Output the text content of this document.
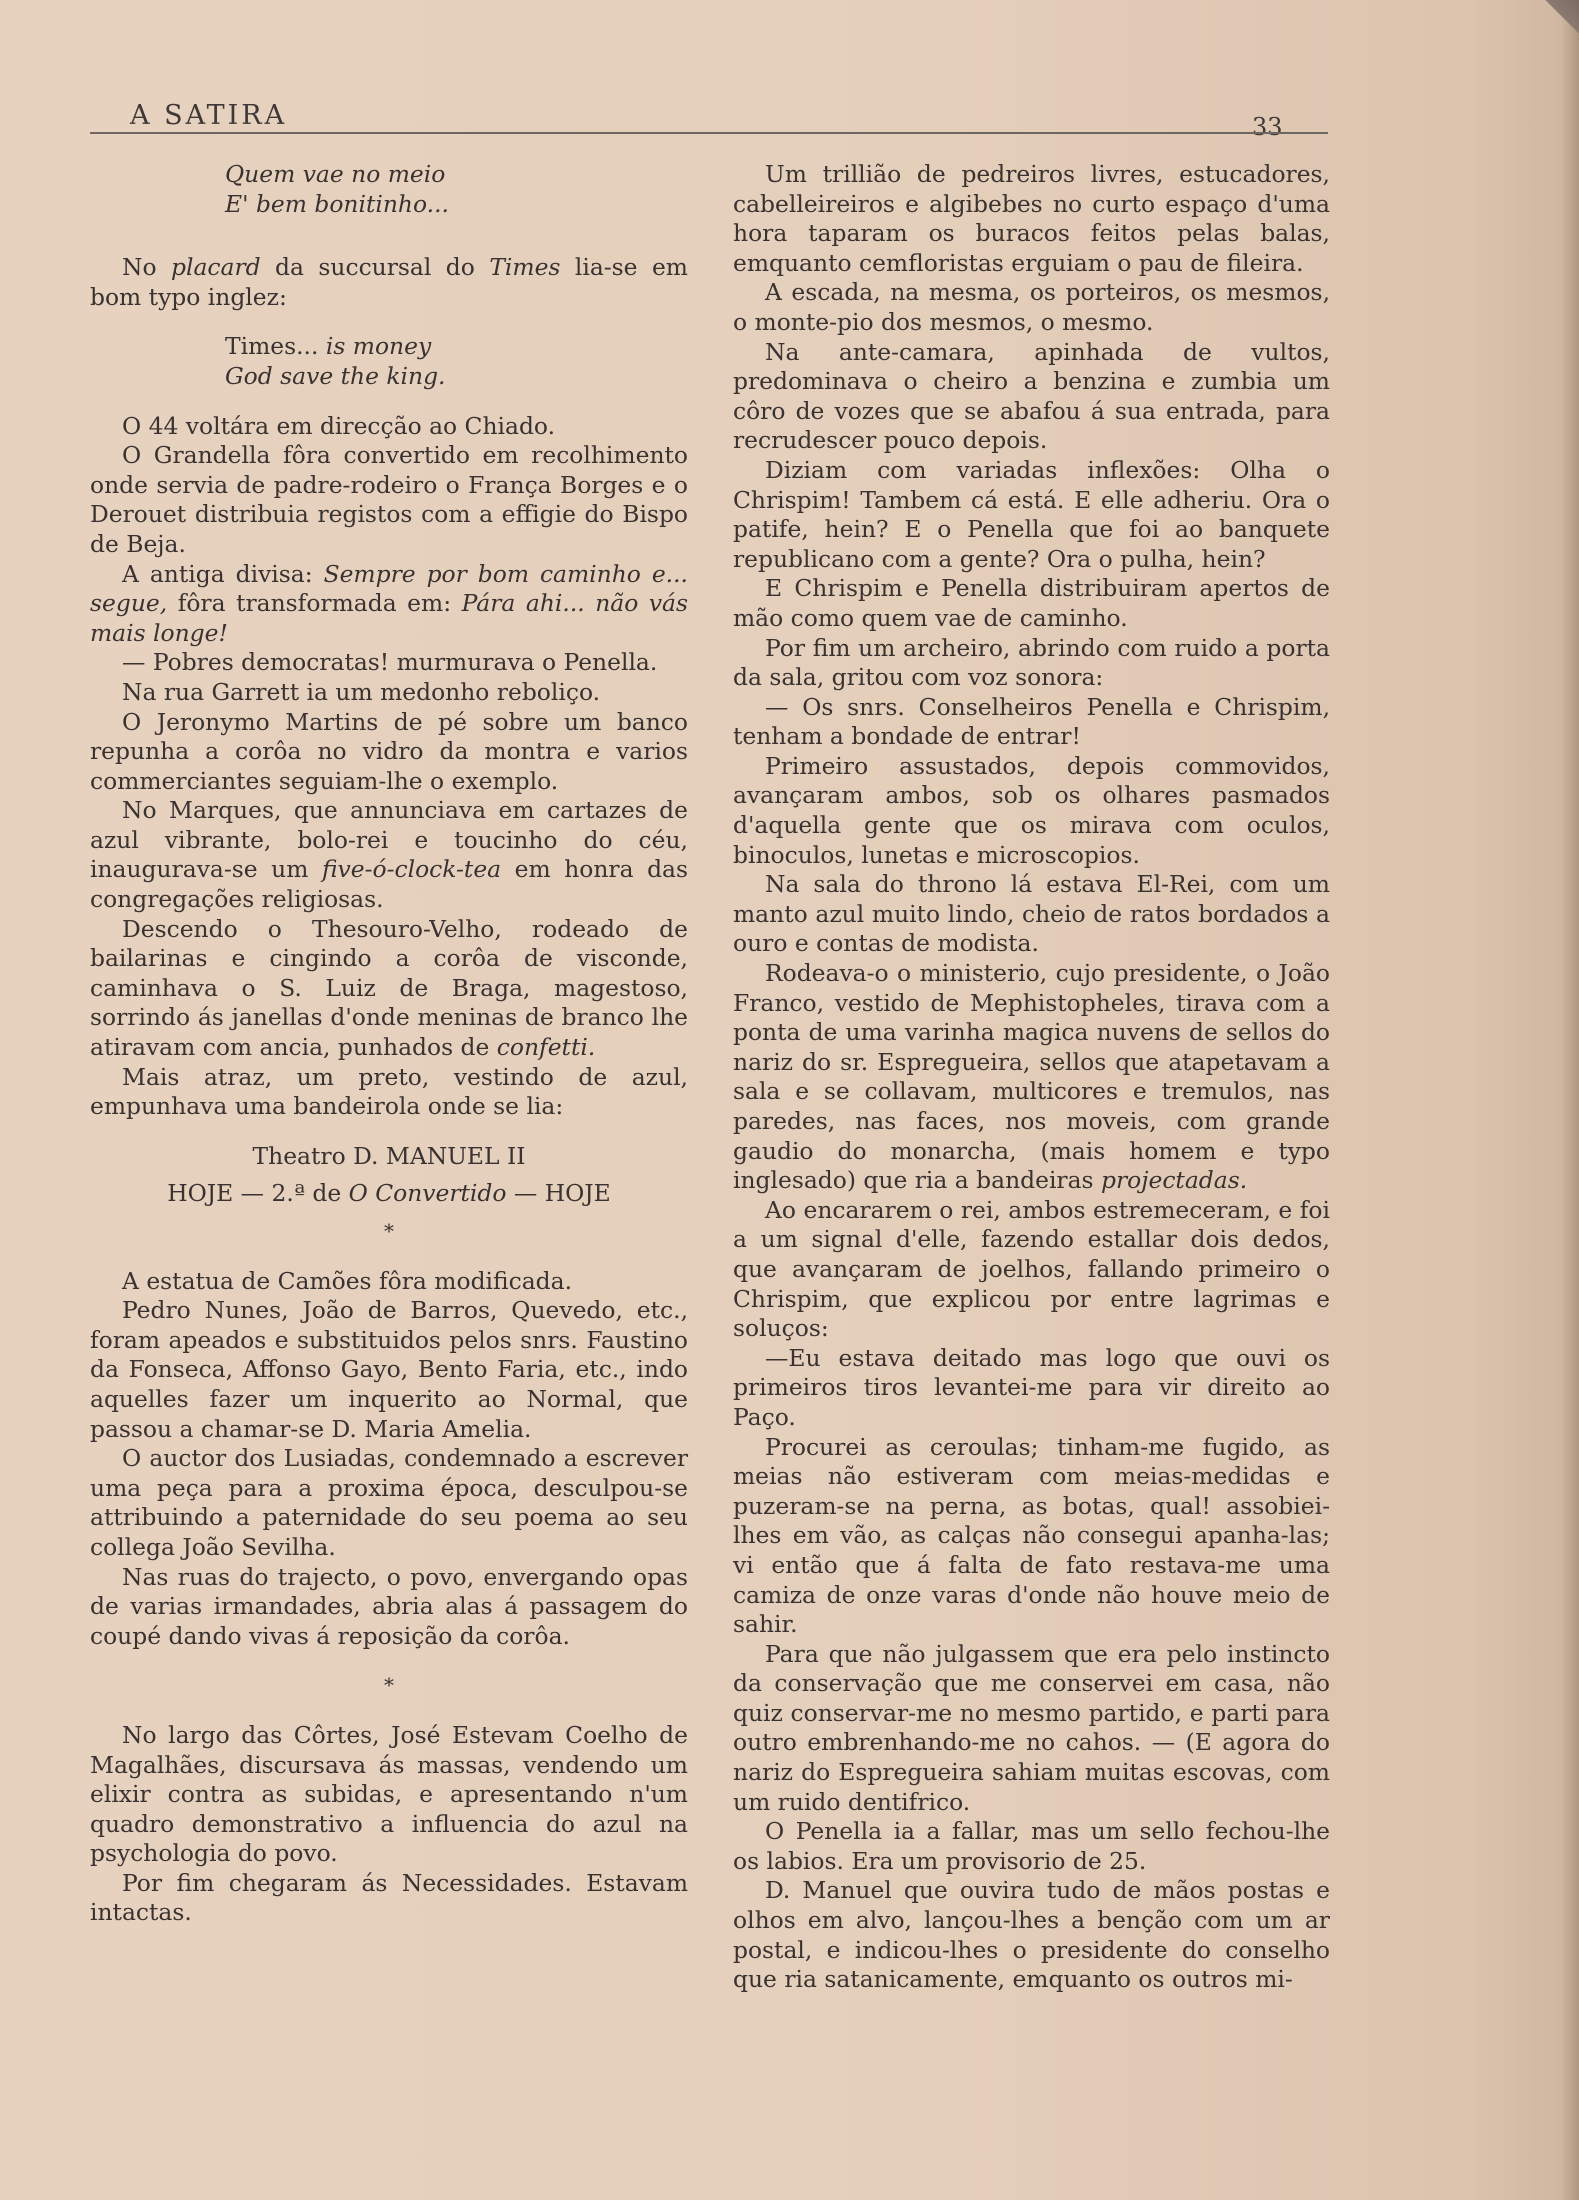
A SATIRA	33

Quem vae no meio

E' bem bonitinho...

No placard da succursal do Times lia-se em bom typo inglez:

Times... is money

God save the king.

O 44 voltára em direcção ao Chiado.

O Grandella fôra convertido em recolhimento onde servia de padre-rodeiro o França Borges e o Derouet distribuia registos com a effigie do Bispo de Beja.

A antiga divisa: Sempre por bom caminho e... segue, fôra transformada em: Pára ahi... não vás mais longe!

— Pobres democratas! murmurava o Penella.

Na rua Garrett ia um medonho reboliço.

O Jeronymo Martins de pé sobre um banco repunha a corôa no vidro da montra e varios commerciantes seguiam-lhe o exemplo.

No Marques, que annunciava em cartazes de azul vibrante, bolo-rei e toucinho do céu, inaugurava-se um five-ó-clock-tea em honra das congregações religiosas.

Descendo o Thesouro-Velho, rodeado de bailarinas e cingindo a corôa de visconde, caminhava o S. Luiz de Braga, magestoso, sorrindo ás janellas d'onde meninas de branco lhe atiravam com ancia, punhados de confetti.

Mais atraz, um preto, vestindo de azul, empunhava uma bandeirola onde se lia:

Theatro D. MANUEL II

HOJE — 2.ª de O Convertido — HOJE

*

A estatua de Camões fôra modificada.

Pedro Nunes, João de Barros, Quevedo, etc., foram apeados e substituidos pelos snrs. Faustino da Fonseca, Affonso Gayo, Bento Faria, etc., indo aquelles fazer um inquerito ao Normal, que passou a chamar-se D. Maria Amelia.

O auctor dos Lusiadas, condemnado a escrever uma peça para a proxima época, desculpou-se attribuindo a paternidade do seu poema ao seu collega João Sevilha.

Nas ruas do trajecto, o povo, envergando opas de varias irmandades, abria alas á passagem do coupé dando vivas á reposição da corôa.

*

No largo das Côrtes, José Estevam Coelho de Magalhães, discursava ás massas, vendendo um elixir contra as subidas, e apresentando n'um quadro demonstrativo a influencia do azul na psychologia do povo.

Por fim chegaram ás Necessidades. Estavam intactas.

Um trillião de pedreiros livres, estucadores, cabelleireiros e algibebes no curto espaço d'uma hora taparam os buracos feitos pelas balas, emquanto cemfloristas erguiam o pau de fileira.

A escada, na mesma, os porteiros, os mesmos, o monte-pio dos mesmos, o mesmo.

Na ante-camara, apinhada de vultos, predominava o cheiro a benzina e zumbia um côro de vozes que se abafou á sua entrada, para recrudescer pouco depois.

Diziam com variadas inflexões: Olha o Chrispim! Tambem cá está. E elle adheriu. Ora o patife, hein? E o Penella que foi ao banquete republicano com a gente? Ora o pulha, hein?

E Chrispim e Penella distribuiram apertos de mão como quem vae de caminho.

Por fim um archeiro, abrindo com ruido a porta da sala, gritou com voz sonora:

— Os snrs. Conselheiros Penella e Chrispim, tenham a bondade de entrar!

Primeiro assustados, depois commovidos, avançaram ambos, sob os olhares pasmados d'aquella gente que os mirava com oculos, binoculos, lunetas e microscopios.

Na sala do throno lá estava El-Rei, com um manto azul muito lindo, cheio de ratos bordados a ouro e contas de modista.

Rodeava-o o ministerio, cujo presidente, o João Franco, vestido de Mephistopheles, tirava com a ponta de uma varinha magica nuvens de sellos do nariz do sr. Espregueira, sellos que atapetavam a sala e se collavam, multicores e tremulos, nas paredes, nas faces, nos moveis, com grande gaudio do monarcha, (mais homem e typo inglesado) que ria a bandeiras projectadas.

Ao encararem o rei, ambos estremeceram, e foi a um signal d'elle, fazendo estallar dois dedos, que avançaram de joelhos, fallando primeiro o Chrispim, que explicou por entre lagrimas e soluços:

—Eu estava deitado mas logo que ouvi os primeiros tiros levantei-me para vir direito ao Paço.

Procurei as ceroulas; tinham-me fugido, as meias não estiveram com meias-medidas e puzeram-se na perna, as botas, qual! assobiei-lhes em vão, as calças não consegui apanha-las; vi então que á falta de fato restava-me uma camiza de onze varas d'onde não houve meio de sahir.

Para que não julgassem que era pelo instincto da conservação que me conservei em casa, não quiz conservar-me no mesmo partido, e parti para outro embrenhando-me no cahos. — (E agora do nariz do Espregueira sahiam muitas escovas, com um ruido dentifrico.

O Penella ia a fallar, mas um sello fechou-lhe os labios. Era um provisorio de 25.

D. Manuel que ouvira tudo de mãos postas e olhos em alvo, lançou-lhes a benção com um ar postal, e indicou-lhes o presidente do conselho que ria satanicamente, emquanto os outros mi-
